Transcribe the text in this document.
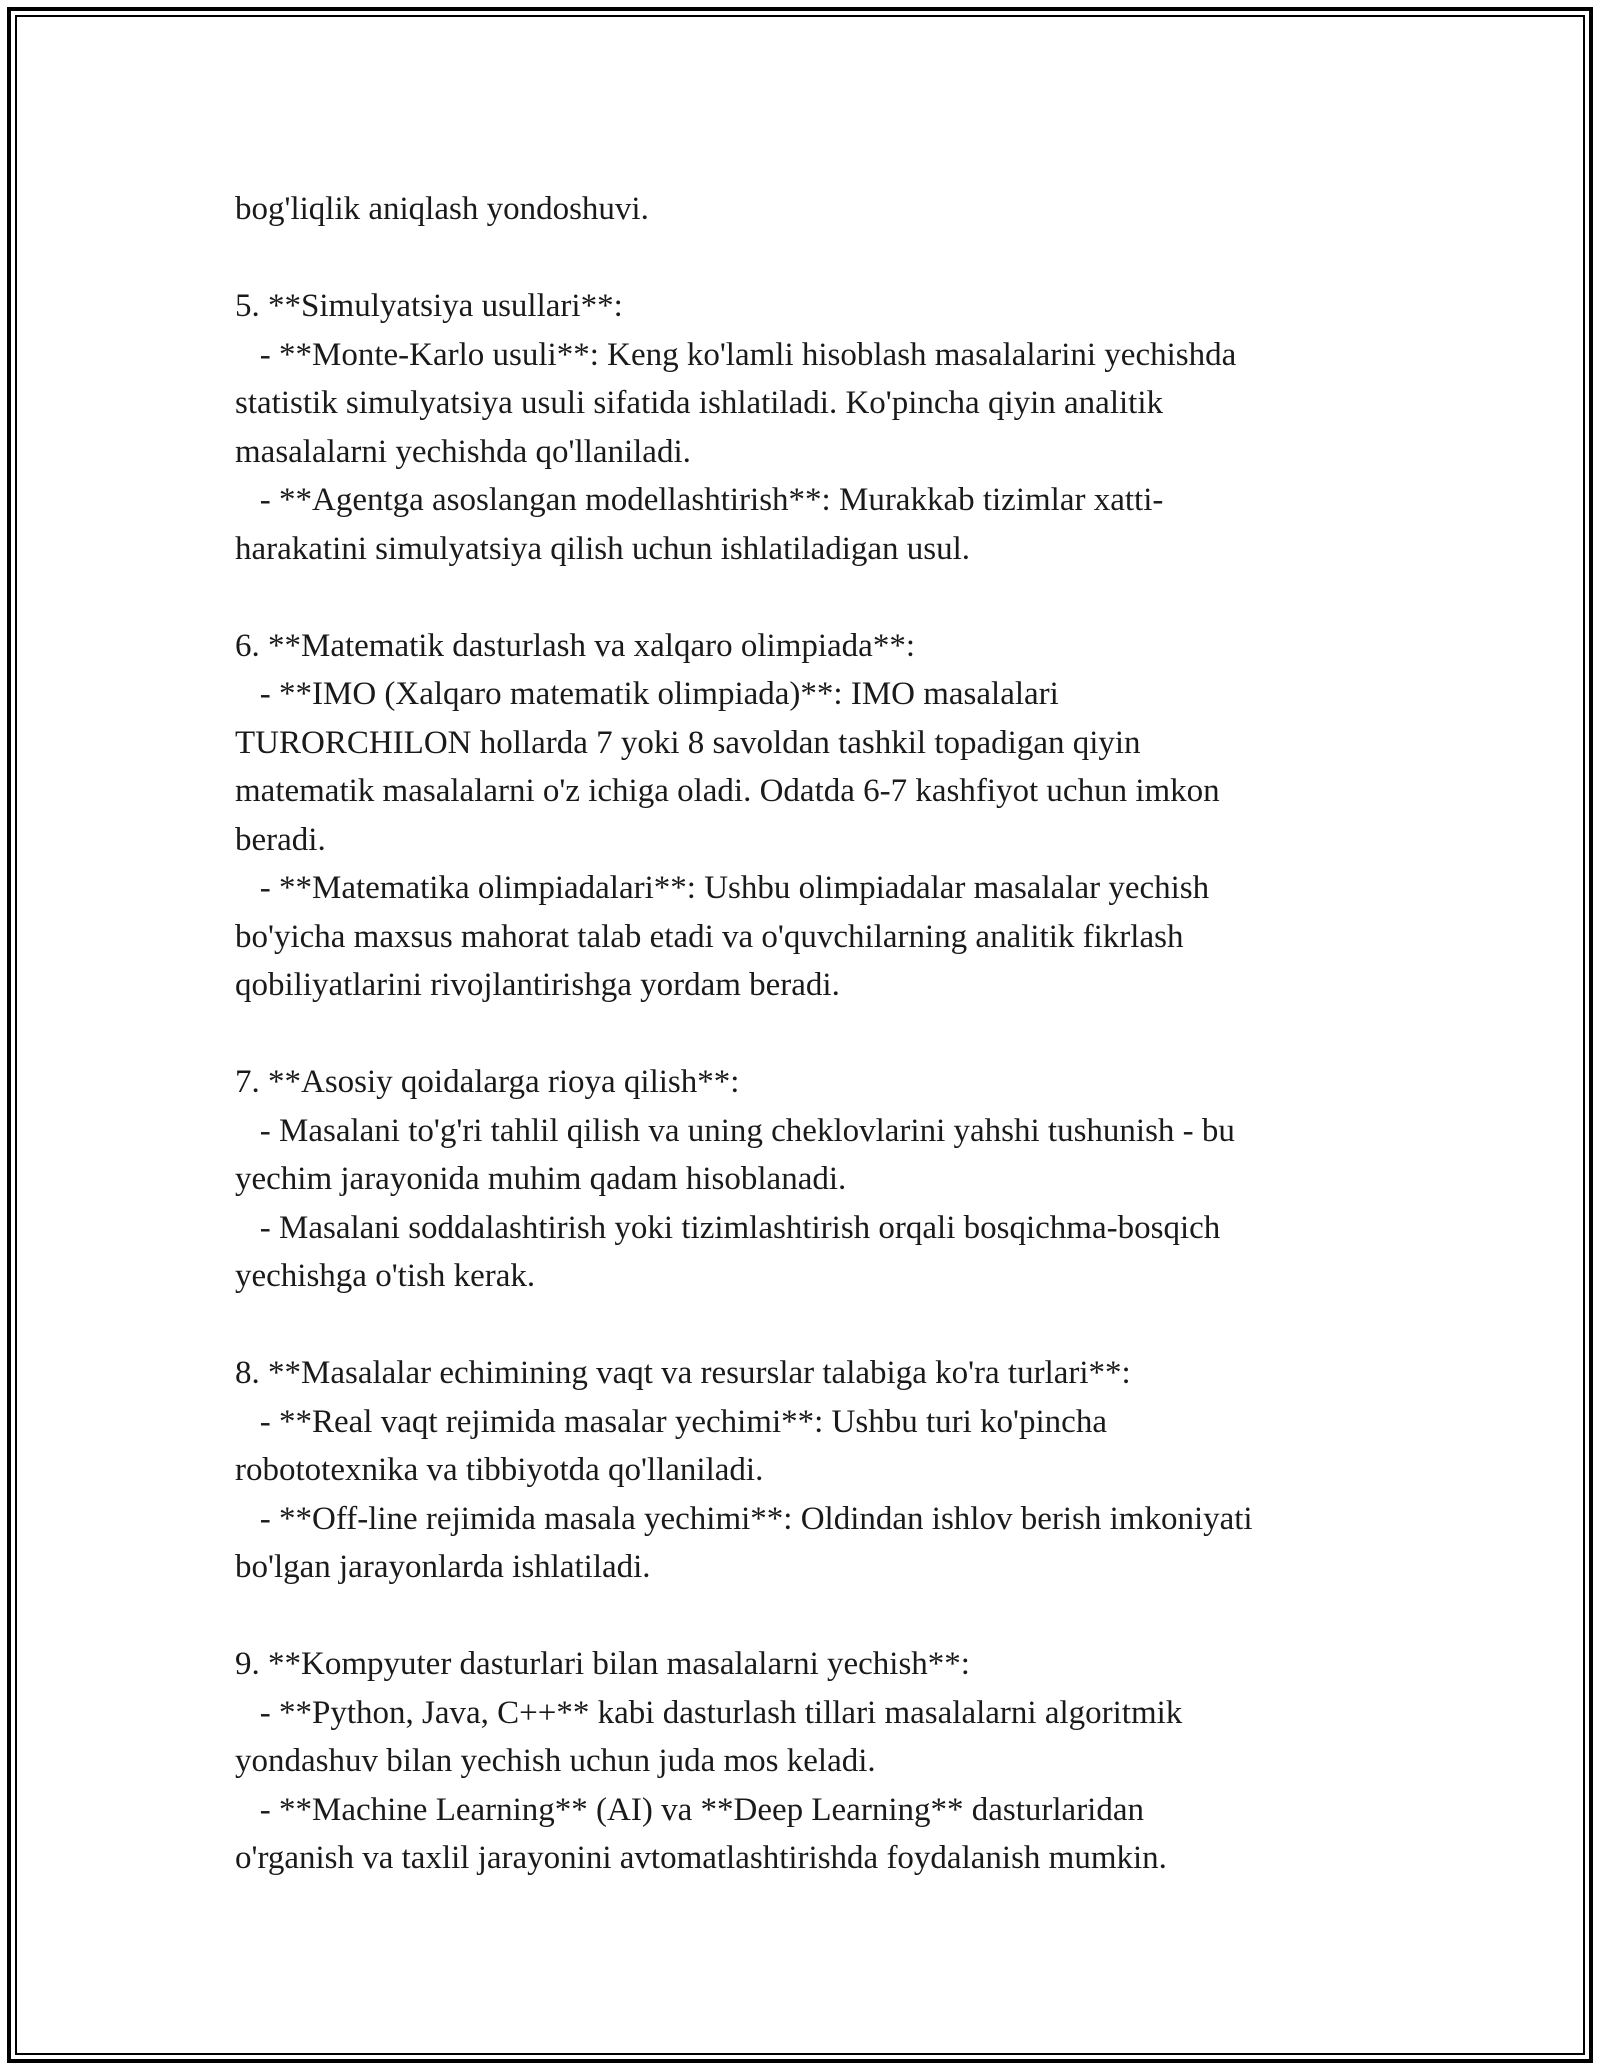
bog'liqlik aniqlash yondoshuvi.
5. **Simulyatsiya usullari**:
- **Monte-Karlo usuli**: Keng ko'lamli hisoblash masalalarini yechishda
statistik simulyatsiya usuli sifatida ishlatiladi. Ko'pincha qiyin analitik
masalalarni yechishda qo'llaniladi.
- **Agentga asoslangan modellashtirish**: Murakkab tizimlar xatti-
harakatini simulyatsiya qilish uchun ishlatiladigan usul.
6. **Matematik dasturlash va xalqaro olimpiada**:
- **IMO (Xalqaro matematik olimpiada)**: IMO masalalari
TURORCHILON hollarda 7 yoki 8 savoldan tashkil topadigan qiyin
matematik masalalarni o'z ichiga oladi. Odatda 6-7 kashfiyot uchun imkon
beradi.
- **Matematika olimpiadalari**: Ushbu olimpiadalar masalalar yechish
bo'yicha maxsus mahorat talab etadi va o'quvchilarning analitik fikrlash
qobiliyatlarini rivojlantirishga yordam beradi.
7. **Asosiy qoidalarga rioya qilish**:
- Masalani to'g'ri tahlil qilish va uning cheklovlarini yahshi tushunish - bu
yechim jarayonida muhim qadam hisoblanadi.
- Masalani soddalashtirish yoki tizimlashtirish orqali bosqichma-bosqich
yechishga o'tish kerak.
8. **Masalalar echimining vaqt va resurslar talabiga ko'ra turlari**:
- **Real vaqt rejimida masalar yechimi**: Ushbu turi ko'pincha
robototexnika va tibbiyotda qo'llaniladi.
- **Off-line rejimida masala yechimi**: Oldindan ishlov berish imkoniyati
bo'lgan jarayonlarda ishlatiladi.
9. **Kompyuter dasturlari bilan masalalarni yechish**:
- **Python, Java, C++** kabi dasturlash tillari masalalarni algoritmik
yondashuv bilan yechish uchun juda mos keladi.
- **Machine Learning** (AI) va **Deep Learning** dasturlaridan
o'rganish va taxlil jarayonini avtomatlashtirishda foydalanish mumkin.
